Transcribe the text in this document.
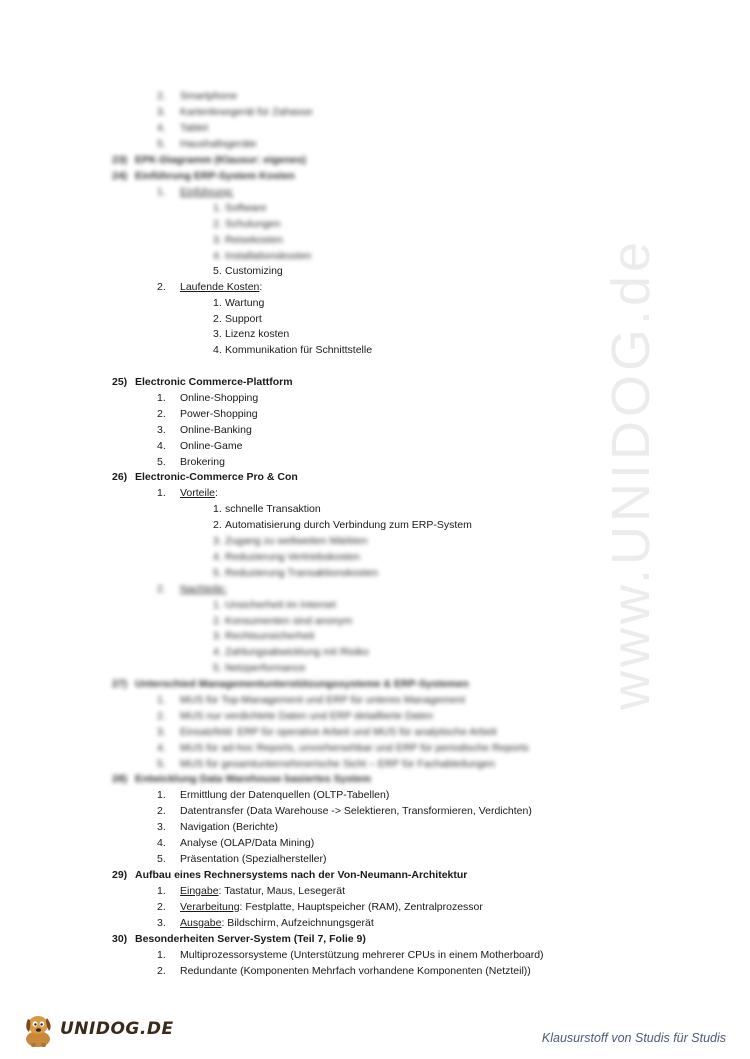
www.UNIDOG.de
2. Smartphone
3. Kartenlesegerät für Zahasse
4. Tablet
5. Haushaltsgeräte
23) EPK-Diagramm (Klausur: eigenes)
24) Einführung ERP-System Kosten
1. Einführung:
1. Software
2. Schulungen
3. Reisekosten
4. Installationskosten
5. Customizing
2. Laufende Kosten:
1. Wartung
2. Support
3. Lizenz kosten
4. Kommunikation für Schnittstelle
25) Electronic Commerce-Plattform
1. Online-Shopping
2. Power-Shopping
3. Online-Banking
4. Online-Game
5. Brokering
26) Electronic-Commerce Pro & Con
1. Vorteile:
1. schnelle Transaktion
2. Automatisierung durch Verbindung zum ERP-System
3. Zugang zu weltweiten Märkten
4. Reduzierung Vertriebskosten
5. Reduzierung Transaktionskosten
2. Nachteile:
1. Unsicherheit im Internet
2. Konsumenten sind anonym
3. Rechtsunsicherheit
4. Zahlungsabwicklung mit Risiko
5. Netzperformance
27) Unterschied Managementunterstützungssysteme & ERP-Systemen
1. MUS für Top-Management und ERP für unteres Management
2. MUS nur verdichtete Daten und ERP detaillierte Daten
3. Einsatzfeld: ERP für operative Arbeit und MUS für analytische Arbeit
4. MUS für ad-hoc Reports, unvorhersehbar und ERP für periodische Reports
5. MUS für gesamtunternehmerische Sicht – ERP für Fachabteilungen
28) Entwicklung Data Warehouse basiertes System
1. Ermittlung der Datenquellen (OLTP-Tabellen)
2. Datentransfer (Data Warehouse -> Selektieren, Transformieren, Verdichten)
3. Navigation (Berichte)
4. Analyse (OLAP/Data Mining)
5. Präsentation (Spezialhersteller)
29) Aufbau eines Rechnersystems nach der Von-Neumann-Architektur
1. Eingabe: Tastatur, Maus, Lesegerät
2. Verarbeitung: Festplatte, Hauptspeicher (RAM), Zentralprozessor
3. Ausgabe: Bildschirm, Aufzeichnungsgerät
30) Besonderheiten Server-System (Teil 7, Folie 9)
1. Multiprozessorsysteme (Unterstützung mehrerer CPUs in einem Motherboard)
2. Redundante (Komponenten Mehrfach vorhandene Komponenten (Netzteil))
UNIDOG.DE	Klausurstoff von Studis für Studis
